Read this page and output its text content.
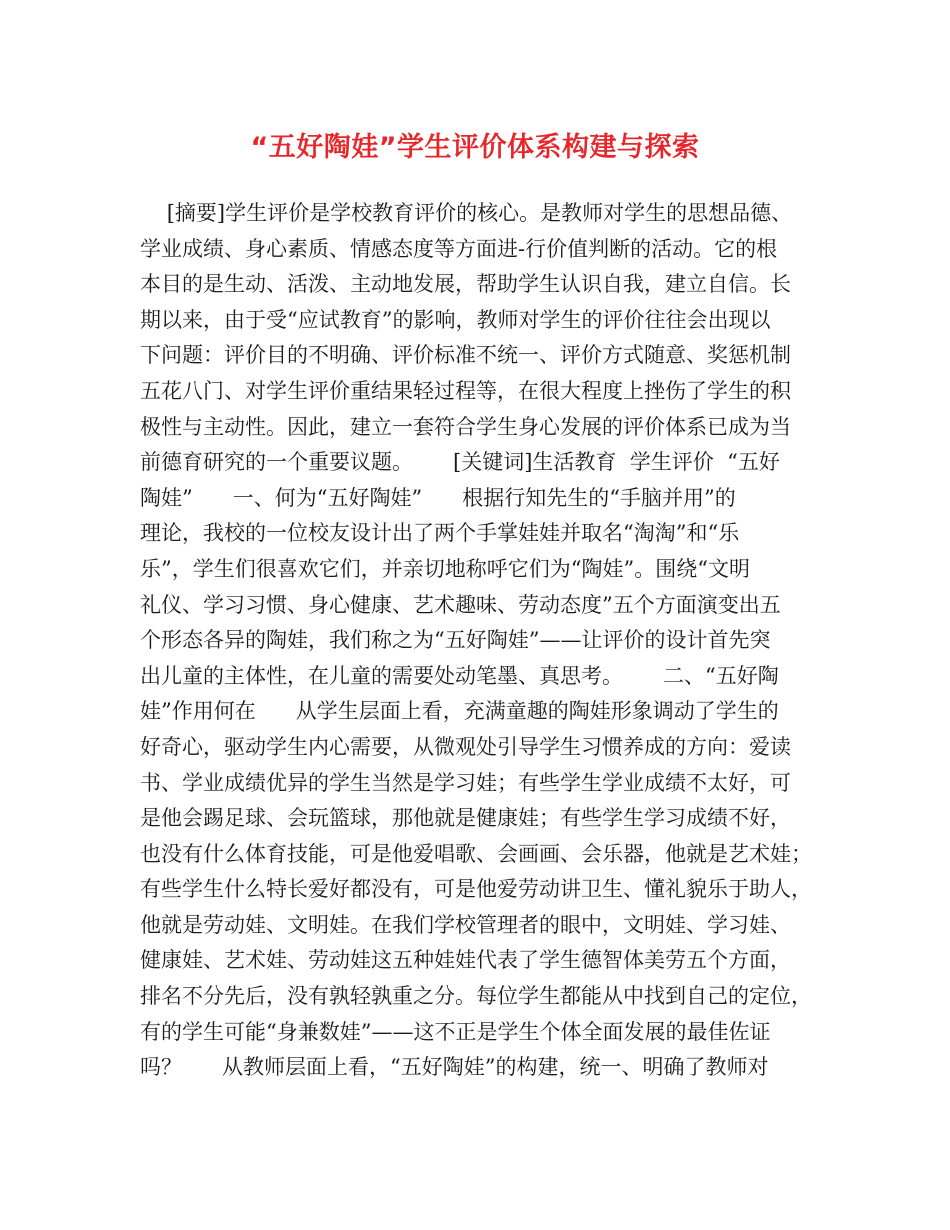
“五好陶娃”学生评价体系构建与探索
[摘要]学生评价是学校教育评价的核心。是教师对学生的思想品德、
学业成绩、身心素质、情感态度等方面进-行价值判断的活动。它的根
本目的是生动、活泼、主动地发展，帮助学生认识自我，建立自信。长
期以来，由于受“应试教育”的影响，教师对学生的评价往往会出现以
下问题：评价目的不明确、评价标准不统一、评价方式随意、奖惩机制
五花八门、对学生评价重结果轻过程等，在很大程度上挫伤了学生的积
极性与主动性。因此，建立一套符合学生身心发展的评价体系已成为当
前德育研究的一个重要议题。      [关键词]生活教育  学生评价  “五好
陶娃”      一、何为“五好陶娃”      根据行知先生的“手脑并用”的
理论，我校的一位校友设计出了两个手掌娃娃并取名“淘淘”和“乐
乐”，学生们很喜欢它们，并亲切地称呼它们为“陶娃”。围绕“文明
礼仪、学习习惯、身心健康、艺术趣味、劳动态度”五个方面演变出五
个形态各异的陶娃，我们称之为“五好陶娃”——让评价的设计首先突
出儿童的主体性，在儿童的需要处动笔墨、真思考。      二、“五好陶
娃”作用何在      从学生层面上看，充满童趣的陶娃形象调动了学生的
好奇心，驱动学生内心需要，从微观处引导学生习惯养成的方向：爱读
书、学业成绩优异的学生当然是学习娃；有些学生学业成绩不太好，可
是他会踢足球、会玩篮球，那他就是健康娃；有些学生学习成绩不好，
也没有什么体育技能，可是他爱唱歌、会画画、会乐器，他就是艺术娃；
有些学生什么特长爱好都没有，可是他爱劳动讲卫生、懂礼貌乐于助人，
他就是劳动娃、文明娃。在我们学校管理者的眼中，文明娃、学习娃、
健康娃、艺术娃、劳动娃这五种娃娃代表了学生德智体美劳五个方面，
排名不分先后，没有孰轻孰重之分。每位学生都能从中找到自己的定位，
有的学生可能“身兼数娃”——这不正是学生个体全面发展的最佳佐证
吗？      从教师层面上看，“五好陶娃”的构建，统一、明确了教师对
